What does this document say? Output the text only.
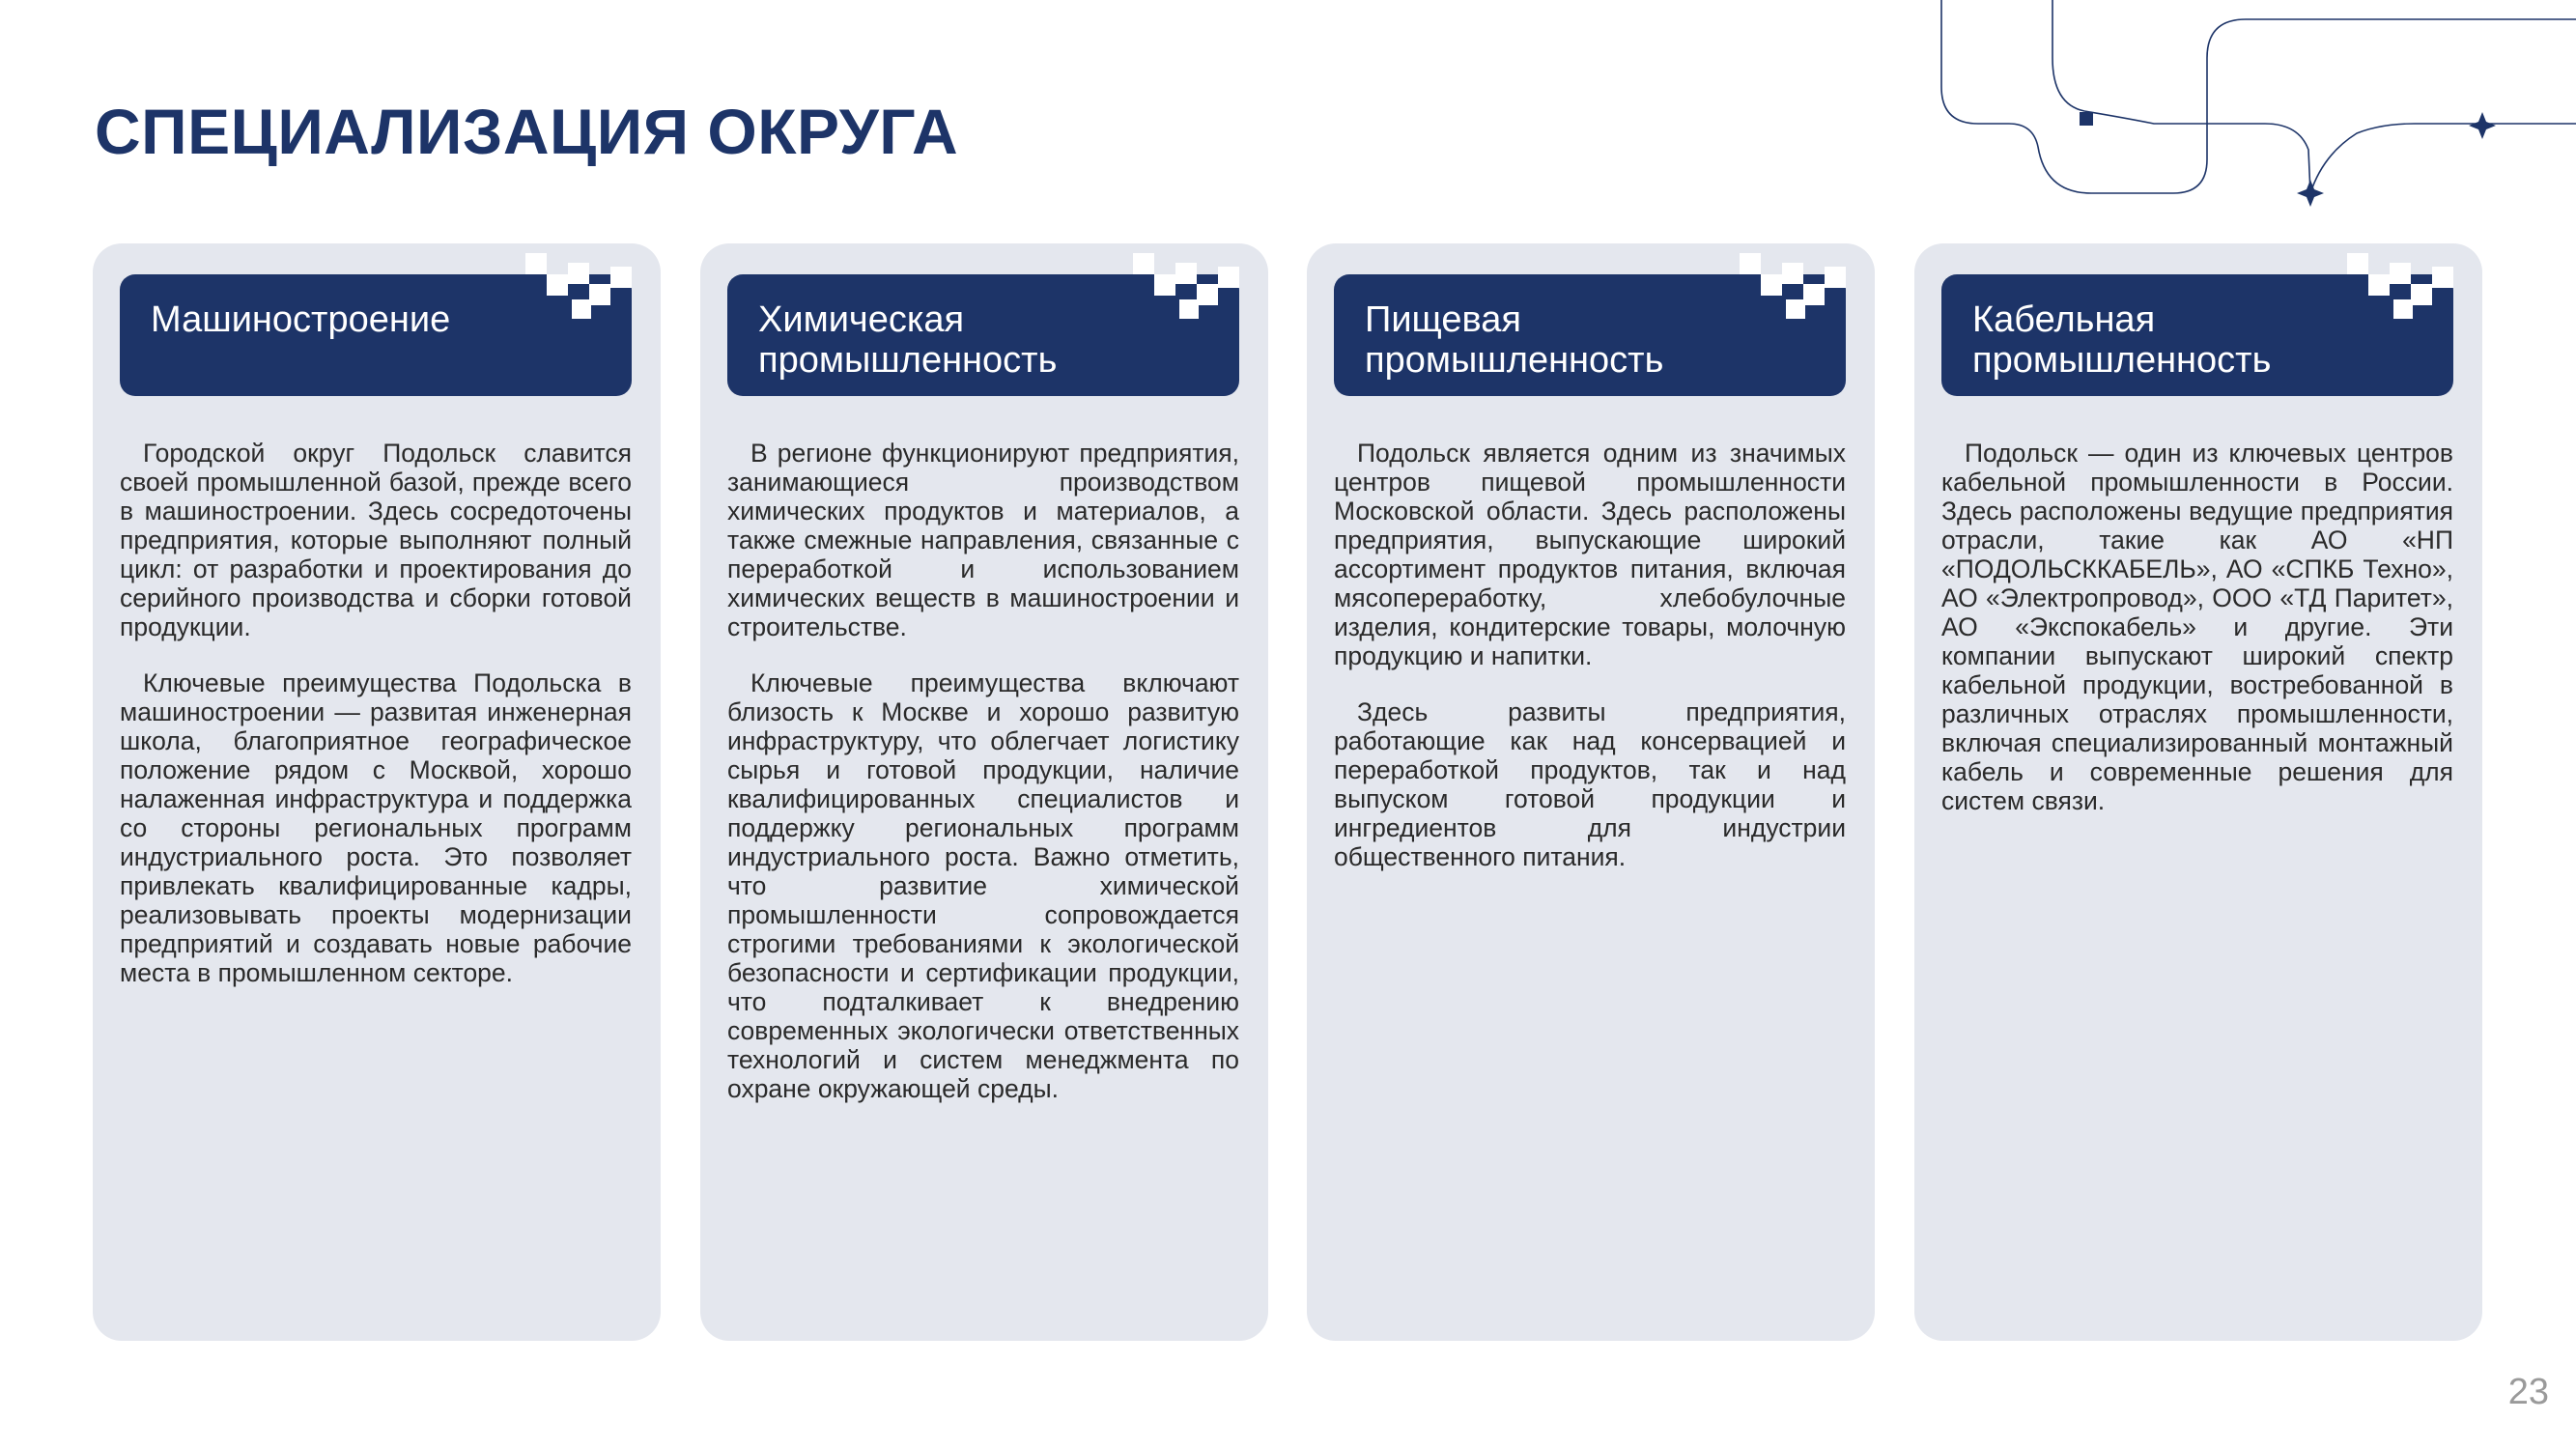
СПЕЦИАЛИЗАЦИЯ ОКРУГА
Машиностроение

Городской округ Подольск славится своей промышленной базой, прежде всего в машиностроении. Здесь сосредоточены предприятия, которые выполняют полный цикл: от разработки и проектирования до серийного производства и сборки готовой продукции.

Ключевые преимущества Подольска в машиностроении — развитая инженерная школа, благоприятное географическое положение рядом с Москвой, хорошо налаженная инфраструктура и поддержка со стороны региональных программ индустриального роста. Это позволяет привлекать квалифицированные кадры, реализовывать проекты модернизации предприятий и создавать новые рабочие места в промышленном секторе.

Химическая промышленность

В регионе функционируют предприятия, занимающиеся производством химических продуктов и материалов, а также смежные направления, связанные с переработкой и использованием химических веществ в машиностроении и строительстве.

Ключевые преимущества включают близость к Москве и хорошо развитую инфраструктуру, что облегчает логистику сырья и готовой продукции, наличие квалифицированных специалистов и поддержку региональных программ индустриального роста. Важно отметить, что развитие химической промышленности сопровождается строгими требованиями к экологической безопасности и сертификации продукции, что подталкивает к внедрению современных экологически ответственных технологий и систем менеджмента по охране окружающей среды.

Пищевая промышленность

Подольск является одним из значимых центров пищевой промышленности Московской области. Здесь расположены предприятия, выпускающие широкий ассортимент продуктов питания, включая мясопереработку, хлебобулочные изделия, кондитерские товары, молочную продукцию и напитки.

Здесь развиты предприятия, работающие как над консервацией и переработкой продуктов, так и над выпуском готовой продукции и ингредиентов для индустрии общественного питания.

Кабельная промышленность

Подольск — один из ключевых центров кабельной промышленности в России. Здесь расположены ведущие предприятия отрасли, такие как АО «НП «ПОДОЛЬСККАБЕЛЬ», АО «СПКБ Техно», АО «Электропровод», ООО «ТД Паритет», АО «Экспокабель» и другие. Эти компании выпускают широкий спектр кабельной продукции, востребованной в различных отраслях промышленности, включая специализированный монтажный кабель и современные решения для систем связи.

23
